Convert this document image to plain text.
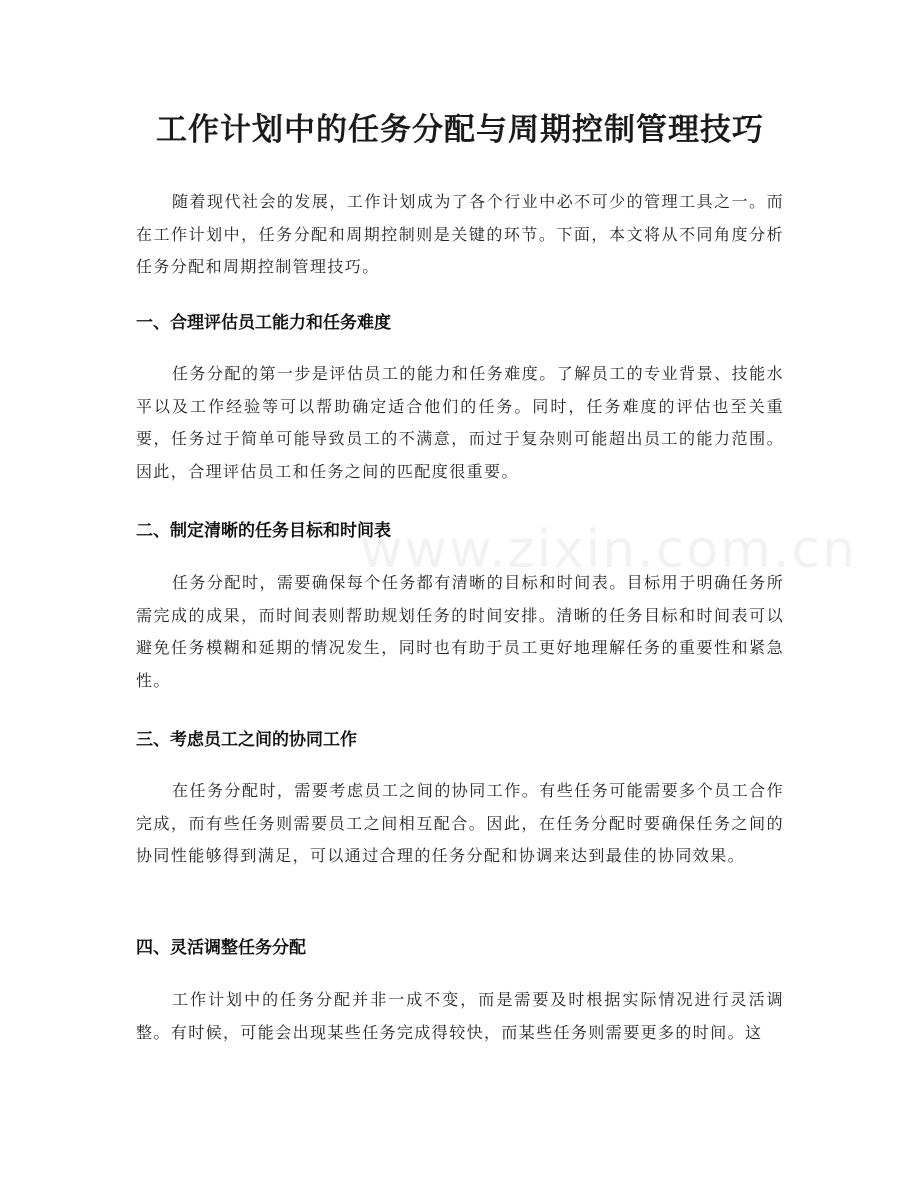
www.zixin.com.cn
工作计划中的任务分配与周期控制管理技巧

随着现代社会的发展，工作计划成为了各个行业中必不可少的管理工具之一。而在工作计划中，任务分配和周期控制则是关键的环节。下面，本文将从不同角度分析任务分配和周期控制管理技巧。

一、合理评估员工能力和任务难度

任务分配的第一步是评估员工的能力和任务难度。了解员工的专业背景、技能水平以及工作经验等可以帮助确定适合他们的任务。同时，任务难度的评估也至关重要，任务过于简单可能导致员工的不满意，而过于复杂则可能超出员工的能力范围。因此，合理评估员工和任务之间的匹配度很重要。

二、制定清晰的任务目标和时间表

任务分配时，需要确保每个任务都有清晰的目标和时间表。目标用于明确任务所需完成的成果，而时间表则帮助规划任务的时间安排。清晰的任务目标和时间表可以避免任务模糊和延期的情况发生，同时也有助于员工更好地理解任务的重要性和紧急性。

三、考虑员工之间的协同工作

在任务分配时，需要考虑员工之间的协同工作。有些任务可能需要多个员工合作完成，而有些任务则需要员工之间相互配合。因此，在任务分配时要确保任务之间的协同性能够得到满足，可以通过合理的任务分配和协调来达到最佳的协同效果。

四、灵活调整任务分配

工作计划中的任务分配并非一成不变，而是需要及时根据实际情况进行灵活调整。有时候，可能会出现某些任务完成得较快，而某些任务则需要更多的时间。这
